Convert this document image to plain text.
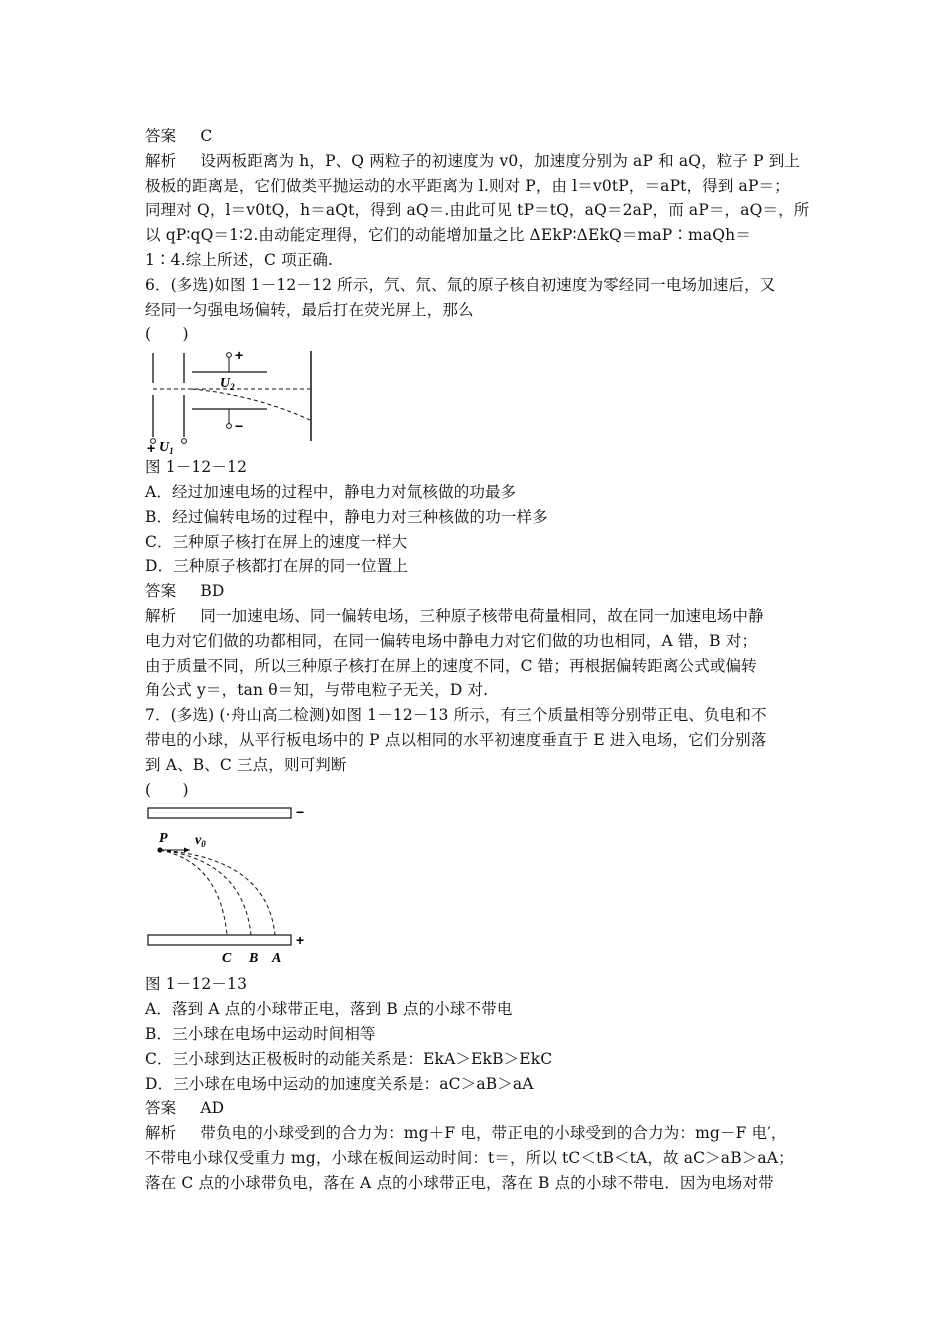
答案 C
解析 设两板距离为 h，P、Q 两粒子的初速度为 v0，加速度分别为 aP 和 aQ，粒子 P 到上
极板的距离是，它们做类平抛运动的水平距离为 l.则对 P，由 l＝v0tP，＝aPt，得到 aP＝；
同理对 Q，l＝v0tQ，h＝aQt，得到 aQ＝.由此可见 tP＝tQ，aQ＝2aP，而 aP＝，aQ＝，所
以 qP∶qQ＝1∶2.由动能定理得，它们的动能增加量之比 ΔEkP∶ΔEkQ＝maP∶maQh＝
1∶4.综上所述，C 项正确.
6．(多选)如图 1－12－12 所示，氕、氘、氚的原子核自初速度为零经同一电场加速后，又
经同一匀强电场偏转，最后打在荧光屏上，那么
(　　)
+ $U_1$
+
$U_2$
−
图 1－12－12
A．经过加速电场的过程中，静电力对氚核做的功最多
B．经过偏转电场的过程中，静电力对三种核做的功一样多
C．三种原子核打在屏上的速度一样大
D．三种原子核都打在屏的同一位置上
答案 BD
解析 同一加速电场、同一偏转电场，三种原子核带电荷量相同，故在同一加速电场中静
电力对它们做的功都相同，在同一偏转电场中静电力对它们做的功也相同，A 错，B 对；
由于质量不同，所以三种原子核打在屏上的速度不同，C 错；再根据偏转距离公式或偏转
角公式 y＝，tan θ＝知，与带电粒子无关，D 对.
7．(多选) (·舟山高二检测)如图 1－12－13 所示，有三个质量相等分别带正电、负电和不
带电的小球，从平行板电场中的 P 点以相同的水平初速度垂直于 E 进入电场，它们分别落
到 A、B、C 三点，则可判断
(　　)
−
P $v_0$
+
C B A
图 1－12－13
A．落到 A 点的小球带正电，落到 B 点的小球不带电
B．三小球在电场中运动时间相等
C．三小球到达正极板时的动能关系是：EkA＞EkB＞EkC
D．三小球在电场中运动的加速度关系是：aC＞aB＞aA
答案 AD
解析 带负电的小球受到的合力为：mg＋F 电，带正电的小球受到的合力为：mg－F 电′，
不带电小球仅受重力 mg，小球在板间运动时间：t＝，所以 tC＜tB＜tA，故 aC＞aB＞aA；
落在 C 点的小球带负电，落在 A 点的小球带正电，落在 B 点的小球不带电．因为电场对带
